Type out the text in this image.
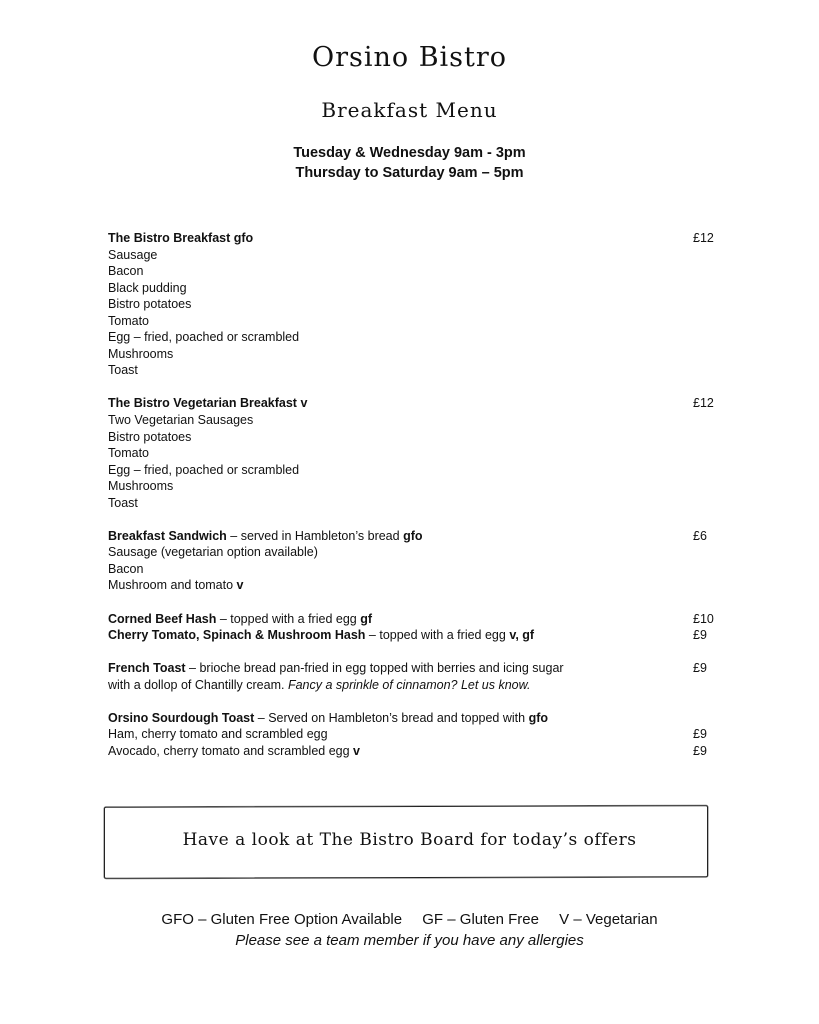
Orsino Bistro
Breakfast Menu
Tuesday & Wednesday 9am - 3pm
Thursday to Saturday 9am – 5pm
The Bistro Breakfast gfo	£12
Sausage
Bacon
Black pudding
Bistro potatoes
Tomato
Egg – fried, poached or scrambled
Mushrooms
Toast
The Bistro Vegetarian Breakfast v	£12
Two Vegetarian Sausages
Bistro potatoes
Tomato
Egg – fried, poached or scrambled
Mushrooms
Toast
Breakfast Sandwich – served in Hambleton’s bread gfo	£6
Sausage (vegetarian option available)
Bacon
Mushroom and tomato v
Corned Beef Hash – topped with a fried egg gf	£10
Cherry Tomato, Spinach & Mushroom Hash – topped with a fried egg v, gf	£9
French Toast – brioche bread pan-fried in egg topped with berries and icing sugar	£9
with a dollop of Chantilly cream. Fancy a sprinkle of cinnamon? Let us know.
Orsino Sourdough Toast – Served on Hambleton’s bread and topped with gfo
Ham, cherry tomato and scrambled egg	£9
Avocado, cherry tomato and scrambled egg v	£9
Have a look at The Bistro Board for today’s offers
GFO – Gluten Free Option Available GF – Gluten Free V – Vegetarian
Please see a team member if you have any allergies
